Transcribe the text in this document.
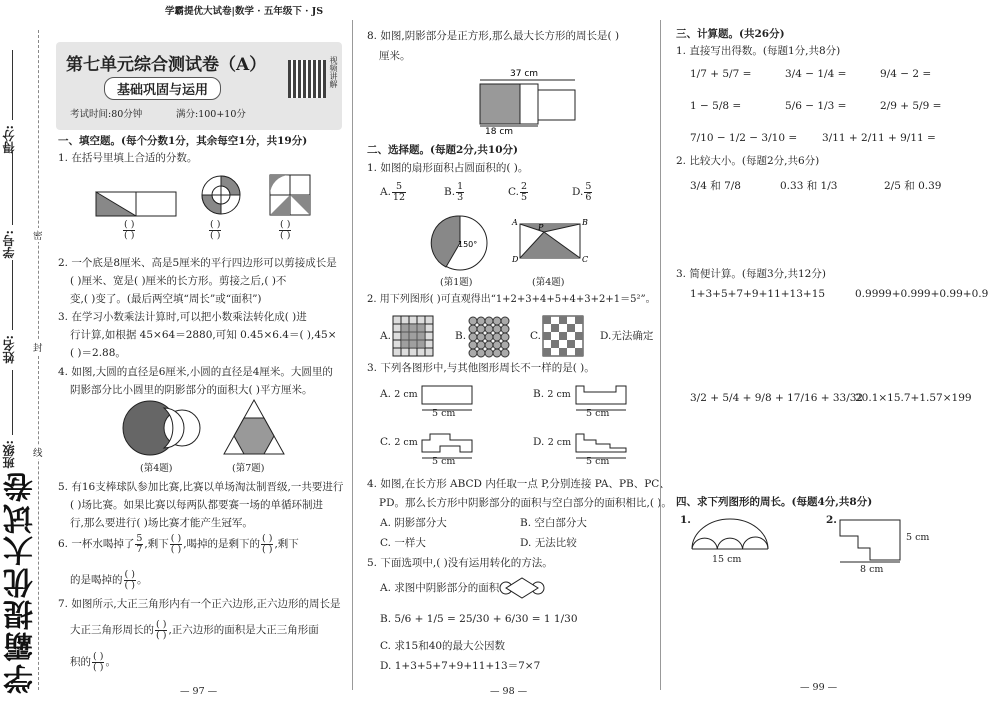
得分:
学号:
姓名:
班级:
密
封
线
学霸提优大试卷
学霸提优大试卷|数学 · 五年级下 · JS
第七单元综合测试卷（A）
基础巩固与运用
考试时间:80分钟	满分:100+10分
视频讲解
一、填空题。(每个分数1分，其余每空1分，共19分)
1. 在括号里填上合适的分数。
$\frac{( )}{( )}$	$\frac{( )}{( )}$	$\frac{( )}{( )}$
2. 一个底是8厘米、高是5厘米的平行四边形可以剪接成长是
( )厘米、宽是( )厘米的长方形。剪接之后,( )不
变,( )变了。(最后两空填“周长”或“面积”)
3. 在学习小数乘法计算时,可以把小数乘法转化成( )进
行计算,如根据 45×64＝2880,可知 0.45×6.4＝( ),45×
( )＝2.88。
4. 如图,大圆的直径是6厘米,小圆的直径是4厘米。大圆里的
阴影部分比小圆里的阴影部分的面积大( )平方厘米。
(第4题)	(第7题)
5. 有16支棒球队参加比赛,比赛以单场淘汰制晋级,一共要进行
( )场比赛。如果比赛以每两队都要赛一场的单循环制进
行,那么要进行( )场比赛才能产生冠军。
6. 一杯水喝掉了 $\frac{5}{7}$ ,剩下 $\frac{( )}{( )}$ ,喝掉的是剩下的 $\frac{( )}{( )}$ ,剩下
的是喝掉的 $\frac{( )}{( )}$ 。
7. 如图所示,大正三角形内有一个正六边形,正六边形的周长是
大正三角形周长的 $\frac{( )}{( )}$ ,正六边形的面积是大正三角形面
积的 $\frac{( )}{( )}$ 。
— 97 —
8. 如图,阴影部分是正方形,那么最大长方形的周长是( )
厘米。
37 cm
18 cm
二、选择题。(每题2分,共10分)
1. 如图的扇形面积占圆面积的( )。
A. $\frac{5}{12}$	B. $\frac{1}{3}$	C. $\frac{2}{5}$	D. $\frac{5}{6}$
150°
A	B
C
D
P
(第1题)	(第4题)
2. 用下列图形( )可直观得出“1+2+3+4+5+4+3+2+1＝5²”。
A.	B.	C.	D.无法确定
3. 下列各图形中,与其他图形周长不一样的是( )。
A. 2 cm
5 cm
B. 2 cm
5 cm
C. 2 cm
5 cm
D. 2 cm
5 cm
4. 如图,在长方形 ABCD 内任取一点 P,分别连接 PA、PB、PC、
PD。那么长方形中阴影部分的面积与空白部分的面积相比,( )。
A. 阴影部分大	B. 空白部分大
C. 一样大	D. 无法比较
5. 下面选项中,( )没有运用转化的方法。
A. 求图中阴影部分的面积
B. 5/6 + 1/5 = 25/30 + 6/30 = 1 1/30
C. 求15和40的最大公因数
D. 1+3+5+7+9+11+13＝7×7
— 98 —
三、计算题。(共26分)
1. 直接写出得数。(每题1分,共8分)
1/7 + 5/7 =	3/4 − 1/4 =	9/4 − 2 =
1 − 5/8 =	5/6 − 1/3 =	2/9 + 5/9 =
7/10 − 1/2 − 3/10 = 3/11 + 2/11 + 9/11 =
2. 比较大小。(每题2分,共6分)
3/4 和 7/8	0.33 和 1/3	2/5 和 0.39
3. 简便计算。(每题3分,共12分)
1+3+5+7+9+11+13+15	0.9999+0.999+0.99+0.9
3/2 + 5/4 + 9/8 + 17/16 + 33/32
20.1×15.7+1.57×199
四、求下列图形的周长。(每题4分,共8分)
1.
15 cm
2.
5 cm
8 cm
— 99 —
